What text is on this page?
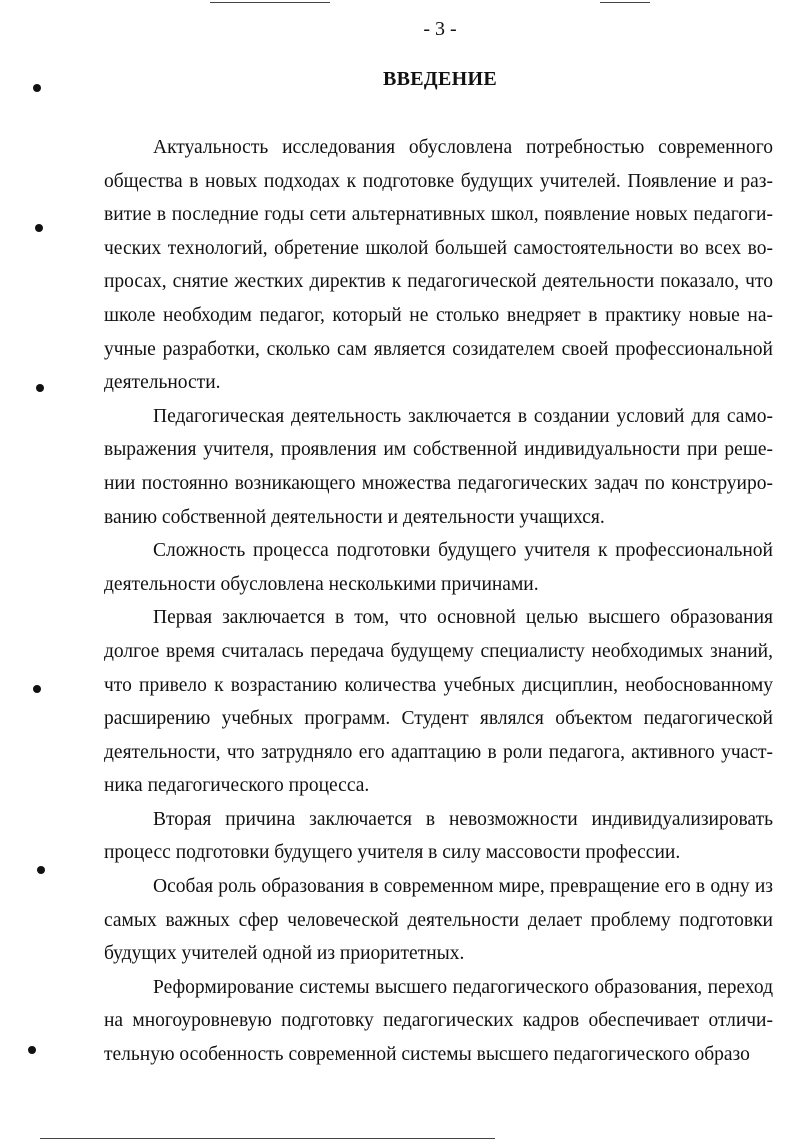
- 3 -
ВВЕДЕНИЕ

Актуальность исследования обусловлена потребностью современного общества в новых подходах к подготовке будущих учителей. Появление и развитие в последние годы сети альтернативных школ, появление новых педагогических технологий, обретение школой большей самостоятельности во всех вопросах, снятие жестких директив к педагогической деятельности показало, что школе необходим педагог, который не столько внедряет в практику новые научные разработки, сколько сам является созидателем своей профессиональной деятельности.

Педагогическая деятельность заключается в создании условий для самовыражения учителя, проявления им собственной индивидуальности при решении постоянно возникающего множества педагогических задач по конструированию собственной деятельности и деятельности учащихся.

Сложность процесса подготовки будущего учителя к профессиональной деятельности обусловлена несколькими причинами.

Первая заключается в том, что основной целью высшего образования долгое время считалась передача будущему специалисту необходимых знаний, что привело к возрастанию количества учебных дисциплин, необоснованному расширению учебных программ. Студент являлся объектом педагогической деятельности, что затрудняло его адаптацию в роли педагога, активного участника педагогического процесса.

Вторая причина заключается в невозможности индивидуализировать процесс подготовки будущего учителя в силу массовости профессии.

Особая роль образования в современном мире, превращение его в одну из самых важных сфер человеческой деятельности делает проблему подготовки будущих учителей одной из приоритетных.

Реформирование системы высшего педагогического образования, переход на многоуровневую подготовку педагогических кадров обеспечивает отличительную особенность современной системы высшего педагогического образо
